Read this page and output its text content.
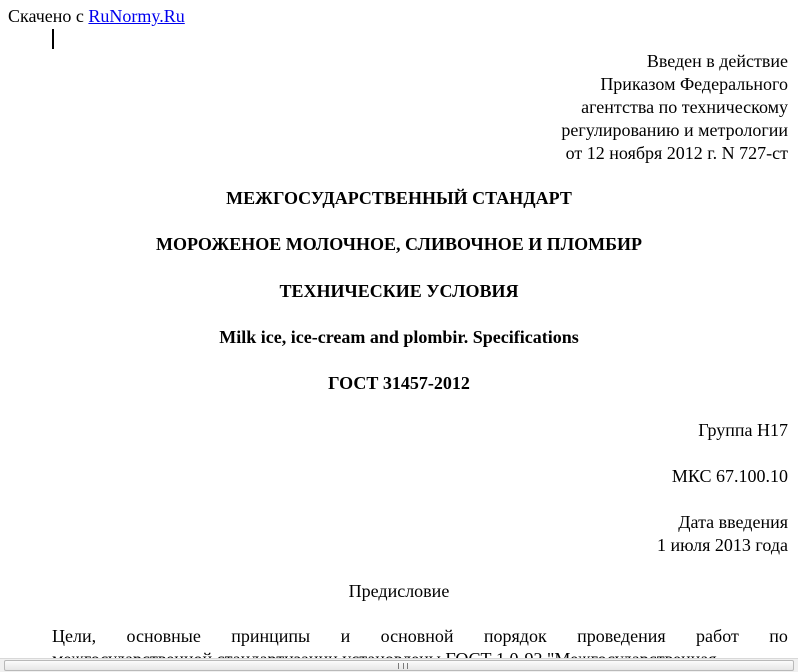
Скачено с RuNormy.Ru
Введен в действие
Приказом Федерального
агентства по техническому
регулированию и метрологии
от 12 ноября 2012 г. N 727-ст
МЕЖГОСУДАРСТВЕННЫЙ СТАНДАРТ
МОРОЖЕНОЕ МОЛОЧНОЕ, СЛИВОЧНОЕ И ПЛОМБИР
ТЕХНИЧЕСКИЕ УСЛОВИЯ
Milk ice, ice-cream and plombir. Specifications
ГОСТ 31457-2012
Группа Н17
МКС 67.100.10
Дата введения
1 июля 2013 года
Предисловие
Цели, основные принципы и основной порядок проведения работ по
